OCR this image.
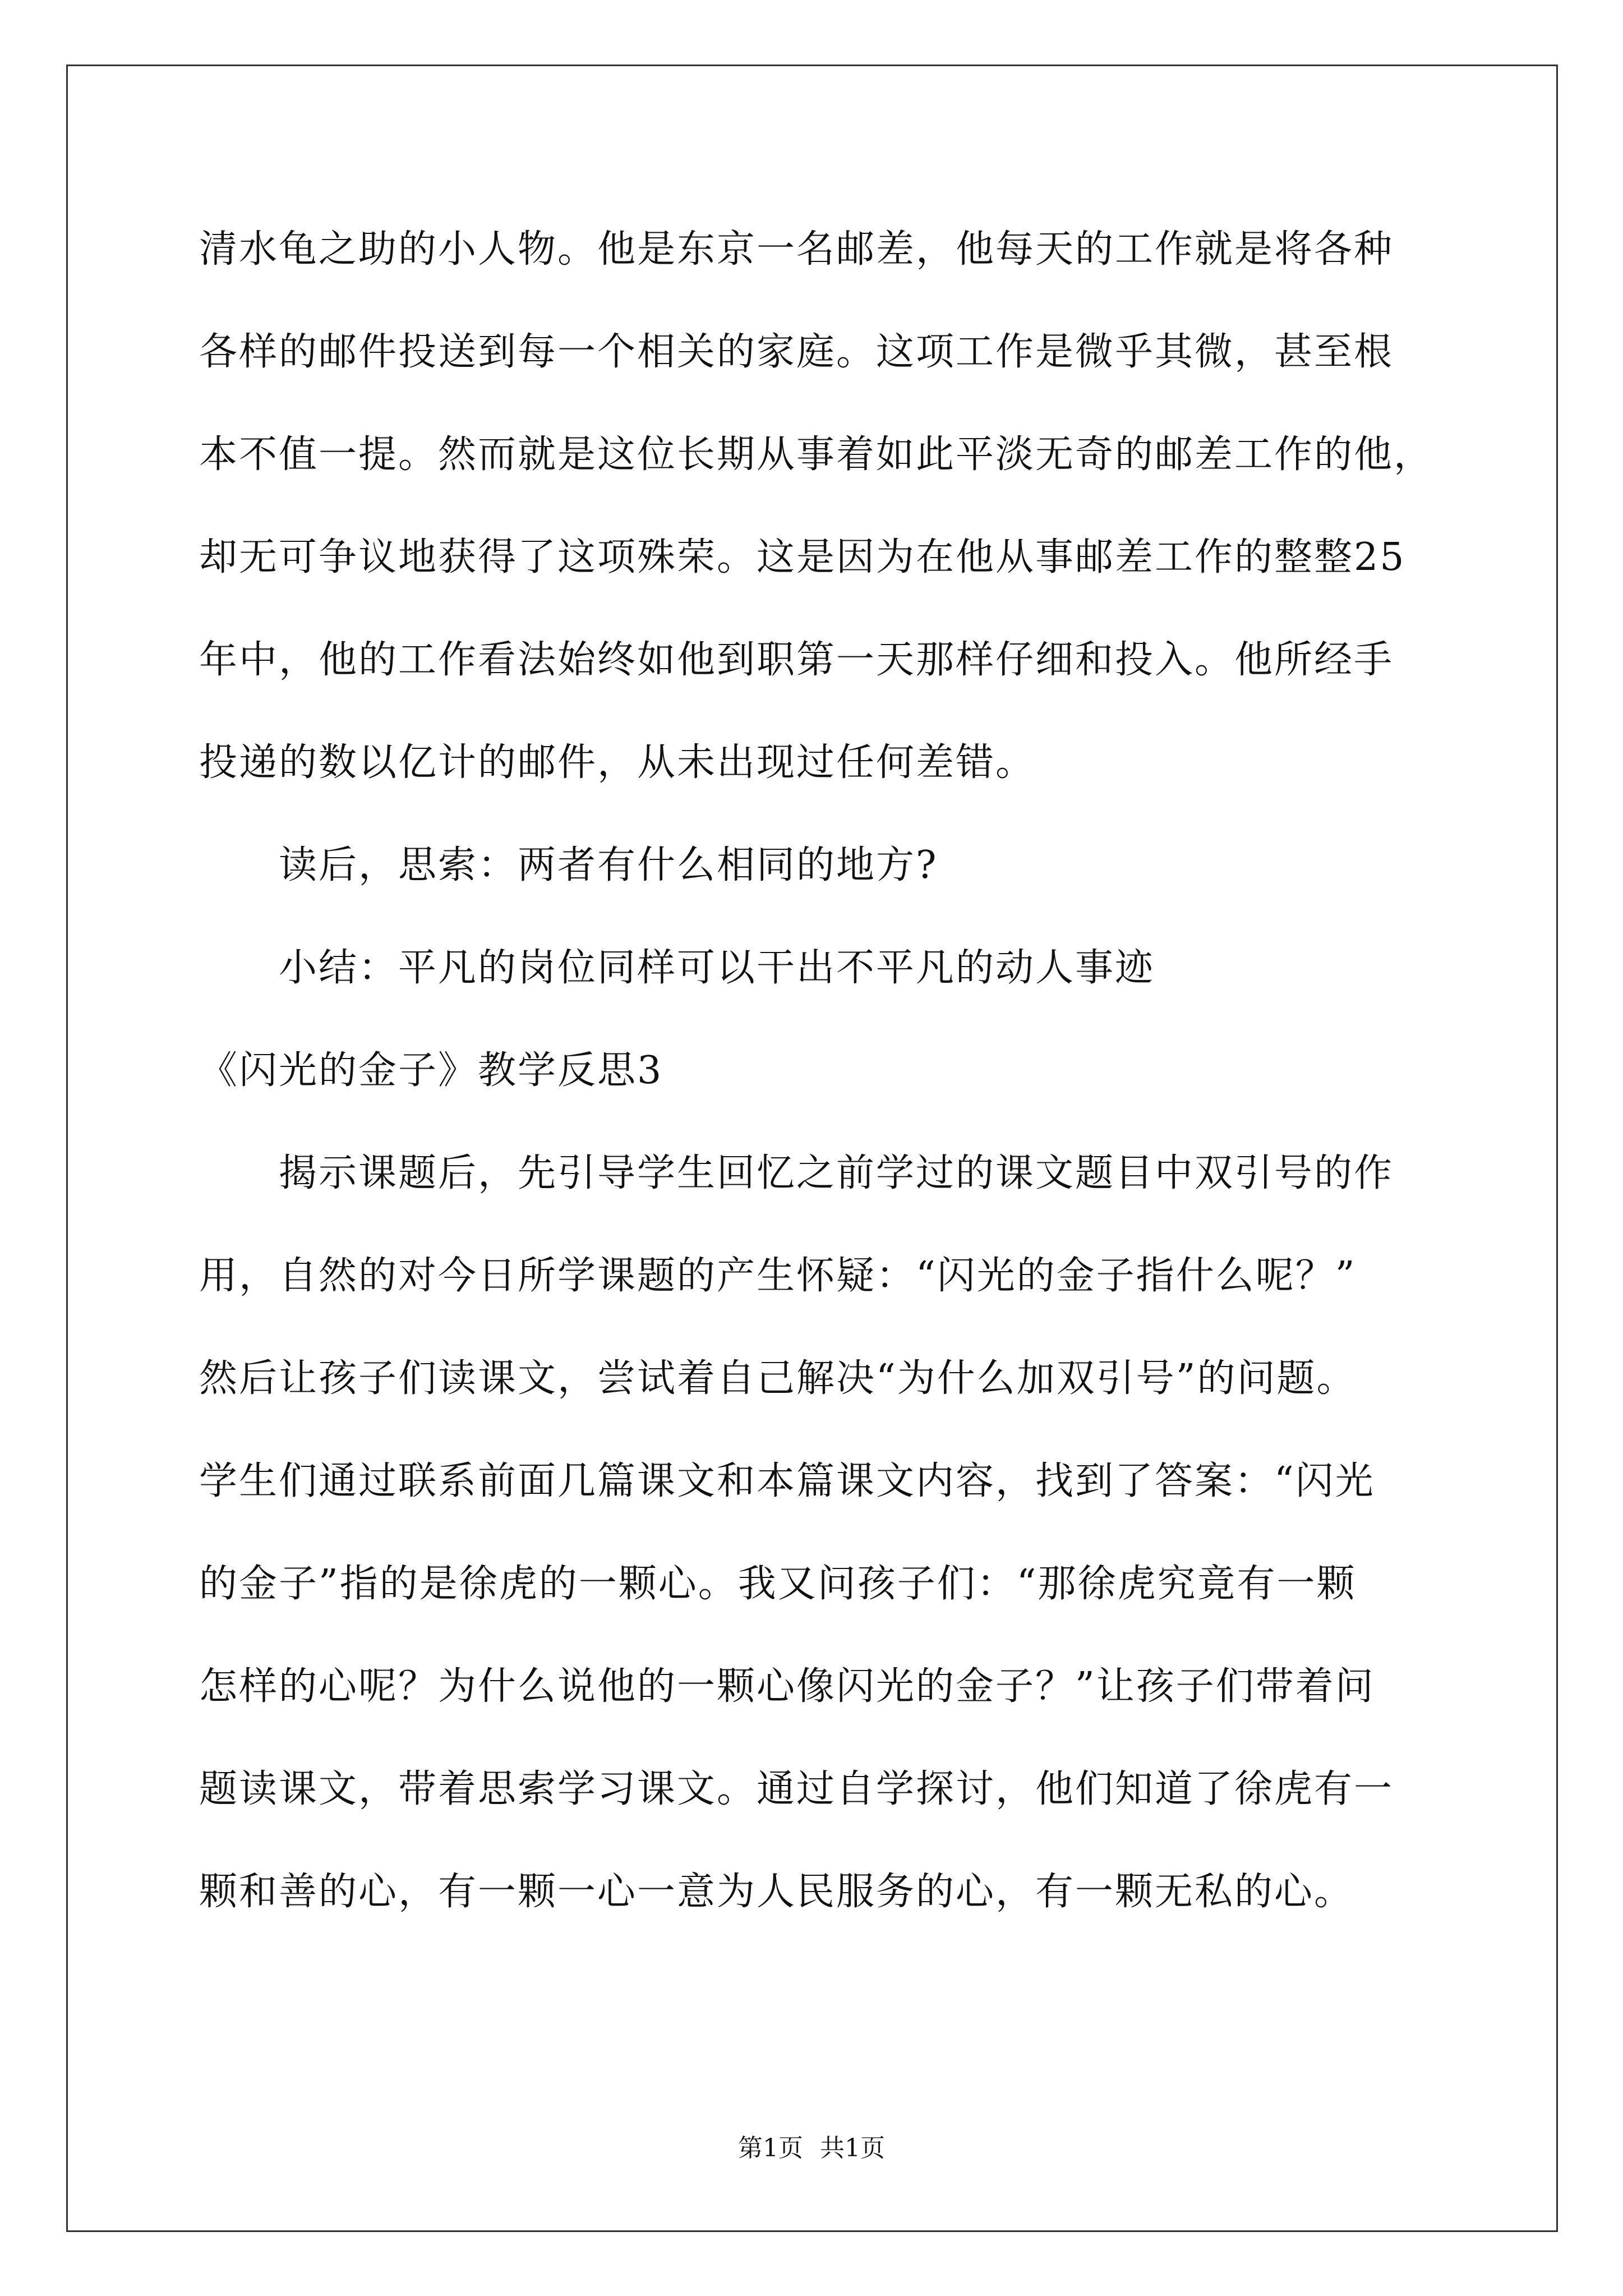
清水龟之助的小人物。他是东京一名邮差，他每天的工作就是将各种

各样的邮件投送到每一个相关的家庭。这项工作是微乎其微，甚至根

本不值一提。然而就是这位长期从事着如此平淡无奇的邮差工作的他，

却无可争议地获得了这项殊荣。这是因为在他从事邮差工作的整整25

年中，他的工作看法始终如他到职第一天那样仔细和投入。他所经手

投递的数以亿计的邮件，从未出现过任何差错。

读后，思索：两者有什么相同的地方?

小结：平凡的岗位同样可以干出不平凡的动人事迹

《闪光的金子》教学反思3

揭示课题后，先引导学生回忆之前学过的课文题目中双引号的作

用，自然的对今日所学课题的产生怀疑：“闪光的金子指什么呢？”

然后让孩子们读课文，尝试着自己解决“为什么加双引号”的问题。

学生们通过联系前面几篇课文和本篇课文内容，找到了答案：“闪光

的金子”指的是徐虎的一颗心。我又问孩子们：“那徐虎究竟有一颗

怎样的心呢？为什么说他的一颗心像闪光的金子？”让孩子们带着问

题读课文，带着思索学习课文。通过自学探讨，他们知道了徐虎有一

颗和善的心，有一颗一心一意为人民服务的心，有一颗无私的心。

第1页 共1页
